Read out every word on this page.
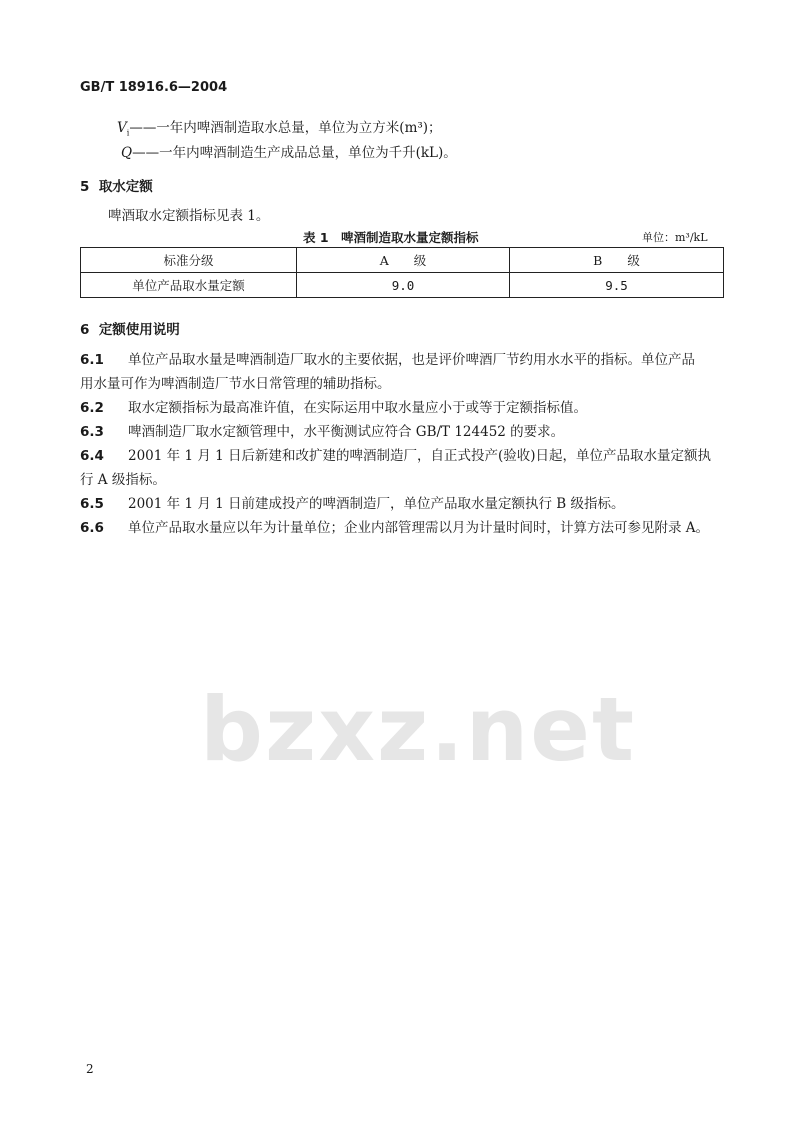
bzxz.net
GB/T 18916.6—2004
$V_i——$一年内啤酒制造取水总量，单位为立方米(m³)；
Q——一年内啤酒制造生产成品总量，单位为千升(kL)。
5 取水定额
啤酒取水定额指标见表 1。
表 1　啤酒制造取水量定额指标	单位：m³/kL
标准分级	A　　级	B　　级
单位产品取水量定额	9.0	9.5
6 定额使用说明
6.1 单位产品取水量是啤酒制造厂取水的主要依据，也是评价啤酒厂节约用水水平的指标。单位产品
用水量可作为啤酒制造厂节水日常管理的辅助指标。
6.2 取水定额指标为最高准许值，在实际运用中取水量应小于或等于定额指标值。
6.3 啤酒制造厂取水定额管理中，水平衡测试应符合 GB/T 124452 的要求。
6.4 2001 年 1 月 1 日后新建和改扩建的啤酒制造厂，自正式投产(验收)日起，单位产品取水量定额执
行 A 级指标。
6.5 2001 年 1 月 1 日前建成投产的啤酒制造厂，单位产品取水量定额执行 B 级指标。
6.6 单位产品取水量应以年为计量单位；企业内部管理需以月为计量时间时，计算方法可参见附录 A。
2
